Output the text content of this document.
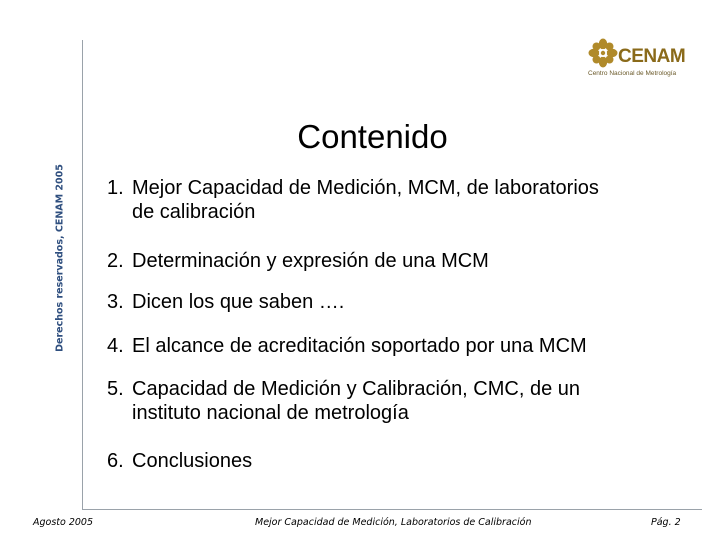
CENAM
Centro Nacional de Metrología
Derechos reservados, CENAM 2005
Contenido
1. Mejor Capacidad de Medición, MCM, de laboratorios
de calibración
2. Determinación y expresión de una MCM
3. Dicen los que saben ….
4. El alcance de acreditación soportado por una MCM
5. Capacidad de Medición y Calibración, CMC, de un
instituto nacional de metrología
6. Conclusiones
Agosto 2005	Mejor Capacidad de Medición, Laboratorios de Calibración	Pág. 2
